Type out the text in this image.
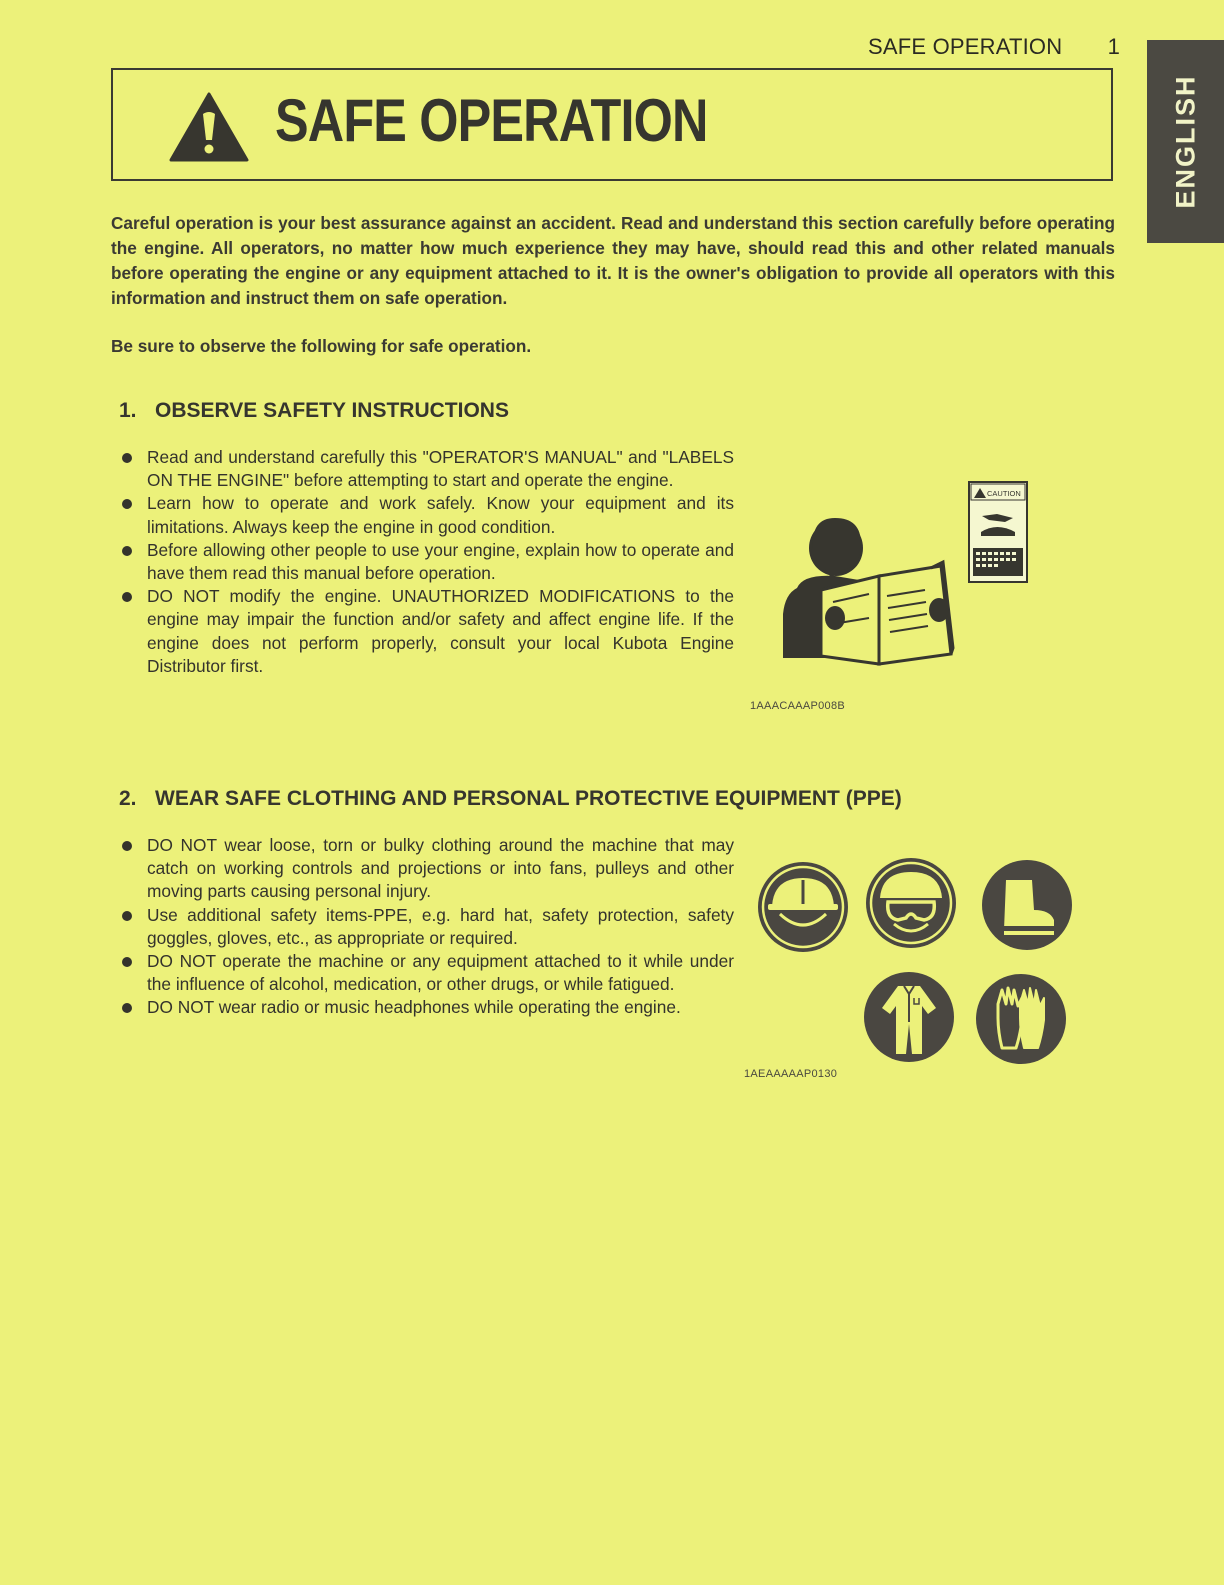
SAFE OPERATION 1
ENGLISH
SAFE OPERATION
Careful operation is your best assurance against an accident. Read and understand this section carefully before operating the engine. All operators, no matter how much experience they may have, should read this and other related manuals before operating the engine or any equipment attached to it. It is the owner's obligation to provide all operators with this information and instruct them on safe operation.
Be sure to observe the following for safe operation.
1. OBSERVE SAFETY INSTRUCTIONS
Read and understand carefully this "OPERATOR'S MANUAL" and "LABELS ON THE ENGINE" before attempting to start and operate the engine.
Learn how to operate and work safely. Know your equipment and its limitations. Always keep the engine in good condition.
Before allowing other people to use your engine, explain how to operate and have them read this manual before operation.
DO NOT modify the engine. UNAUTHORIZED MODIFICATIONS to the engine may impair the function and/or safety and affect engine life. If the engine does not perform properly, consult your local Kubota Engine Distributor first.
CAUTION
1AAACAAAP008B
2. WEAR SAFE CLOTHING AND PERSONAL PROTECTIVE EQUIPMENT (PPE)
DO NOT wear loose, torn or bulky clothing around the machine that may catch on working controls and projections or into fans, pulleys and other moving parts causing personal injury.
Use additional safety items-PPE, e.g. hard hat, safety protection, safety goggles, gloves, etc., as appropriate or required.
DO NOT operate the machine or any equipment attached to it while under the influence of alcohol, medication, or other drugs, or while fatigued.
DO NOT wear radio or music headphones while operating the engine.
1AEAAAAAP0130
